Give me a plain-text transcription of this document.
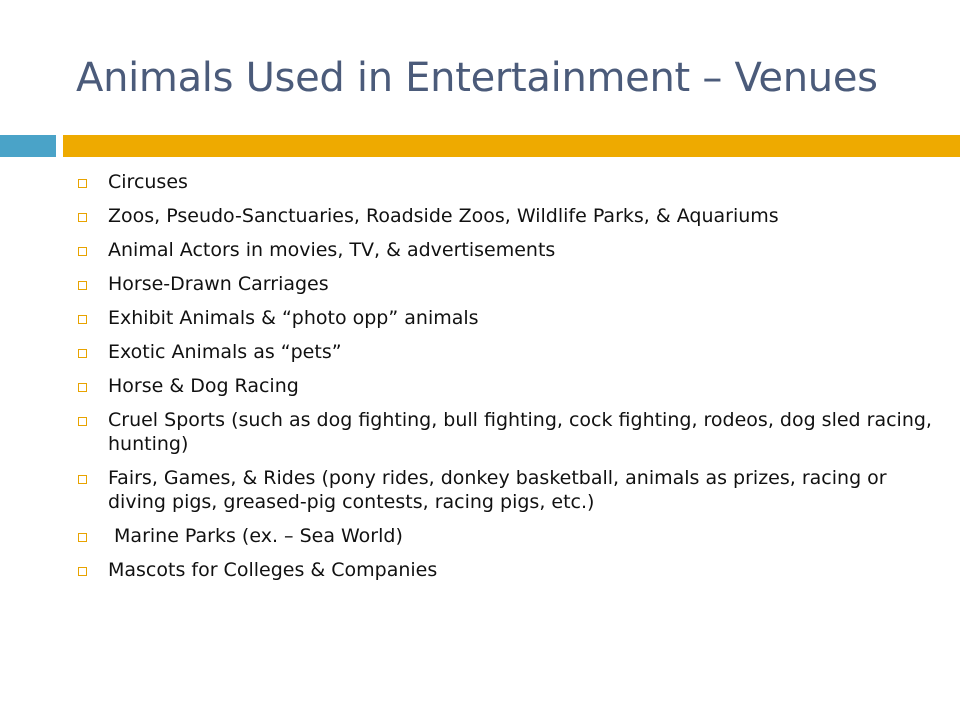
Animals Used in Entertainment – Venues
Circuses
Zoos, Pseudo-Sanctuaries, Roadside Zoos, Wildlife Parks, & Aquariums
Animal Actors in movies, TV, & advertisements
Horse-Drawn Carriages
Exhibit Animals & “photo opp” animals
Exotic Animals as “pets”
Horse & Dog Racing
Cruel Sports (such as dog fighting, bull fighting, cock fighting, rodeos, dog sled racing, hunting)
Fairs, Games, & Rides (pony rides, donkey basketball, animals as prizes, racing or diving pigs, greased-pig contests, racing pigs, etc.)
Marine Parks (ex. – Sea World)
Mascots for Colleges & Companies
